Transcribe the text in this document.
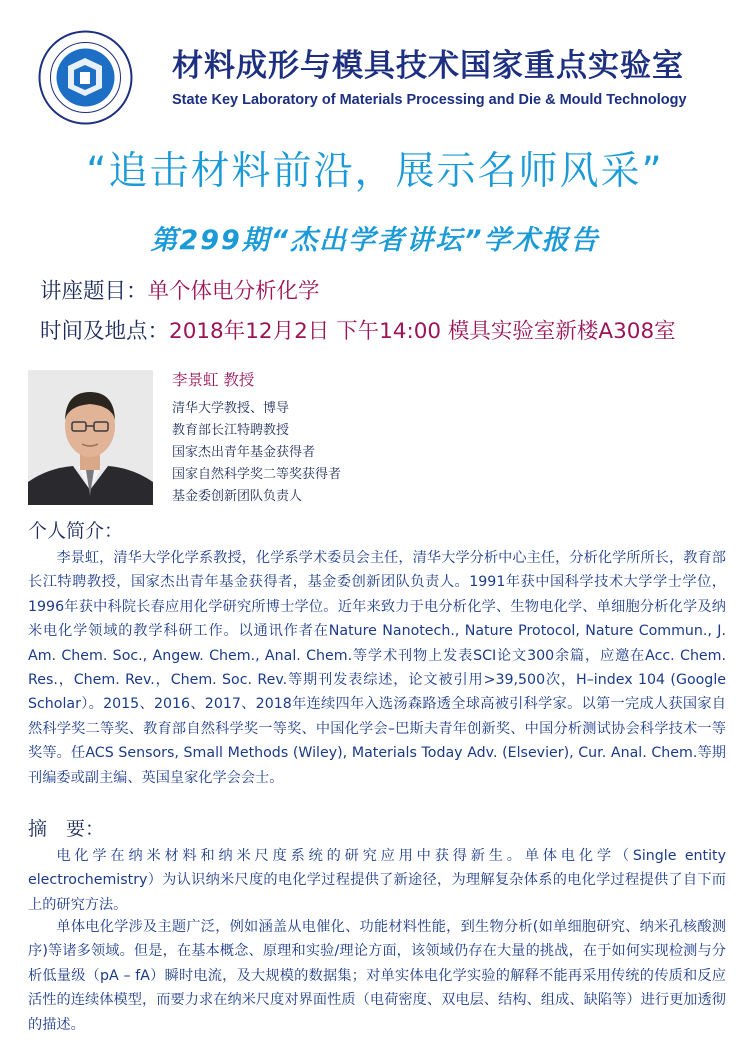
材料成形与模具技术国家重点实验室
State Key Laboratory of Materials Processing and Die & Mould Technology
“追击材料前沿，展示名师风采”
第299期“杰出学者讲坛”学术报告
讲座题目：单个体电分析化学
时间及地点：2018年12月2日 下午14:00 模具实验室新楼A308室
李景虹 教授
清华大学教授、博导
教育部长江特聘教授
国家杰出青年基金获得者
国家自然科学奖二等奖获得者
基金委创新团队负责人
个人简介：
李景虹，清华大学化学系教授，化学系学术委员会主任，清华大学分析中心主任，分析化学所所长，教育部长江特聘教授，国家杰出青年基金获得者，基金委创新团队负责人。1991年获中国科学技术大学学士学位，1996年获中科院长春应用化学研究所博士学位。近年来致力于电分析化学、生物电化学、单细胞分析化学及纳米电化学领域的教学科研工作。以通讯作者在Nature Nanotech., Nature Protocol, Nature Commun., J. Am. Chem. Soc., Angew. Chem., Anal. Chem.等学术刊物上发表SCI论文300余篇，应邀在Acc. Chem. Res.，Chem. Rev.，Chem. Soc. Rev.等期刊发表综述，论文被引用>39,500次，H–index 104 (Google Scholar）。2015、2016、2017、2018年连续四年入选汤森路透全球高被引科学家。以第一完成人获国家自然科学奖二等奖、教育部自然科学奖一等奖、中国化学会–巴斯夫青年创新奖、中国分析测试协会科学技术一等奖等。任ACS Sensors, Small Methods (Wiley), Materials Today Adv. (Elsevier), Cur. Anal. Chem.等期刊编委或副主编、英国皇家化学会会士。
摘　要：
电化学在纳米材料和纳米尺度系统的研究应用中获得新生。单体电化学（Single entity electrochemistry）为认识纳米尺度的电化学过程提供了新途径，为理解复杂体系的电化学过程提供了自下而上的研究方法。
单体电化学涉及主题广泛，例如涵盖从电催化、功能材料性能，到生物分析(如单细胞研究、纳米孔核酸测序)等诸多领域。但是，在基本概念、原理和实验/理论方面，该领域仍存在大量的挑战，在于如何实现检测与分析低量级（pA – fA）瞬时电流，及大规模的数据集；对单实体电化学实验的解释不能再采用传统的传质和反应活性的连续体模型，而要力求在纳米尺度对界面性质（电荷密度、双电层、结构、组成、缺陷等）进行更加透彻的描述。
